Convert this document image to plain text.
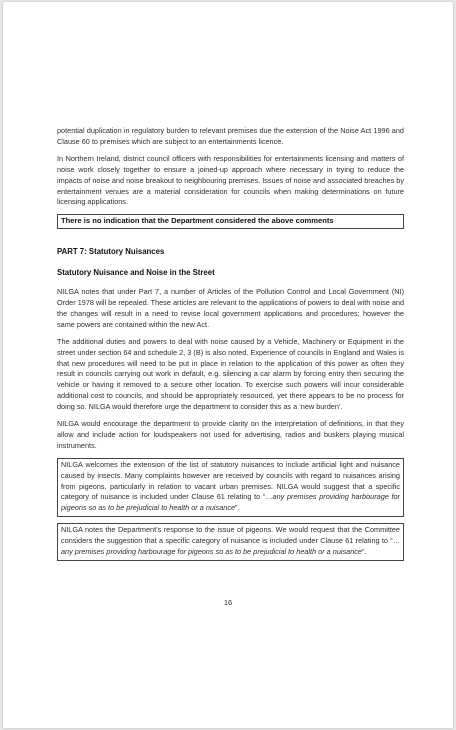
potential duplication in regulatory burden to relevant premises due the extension of the Noise Act 1996 and Clause 60 to premises which are subject to an entertainments licence.

In Northern Ireland, district council officers with responsibilities for entertainments licensing and matters of noise work closely together to ensure a joined-up approach where necessary in trying to reduce the impacts of noise and noise breakout to neighbouring premises. Issues of noise and associated breaches by entertainment venues are a material consideration for councils when making determinations on future licensing applications.

There is no indication that the Department considered the above comments
PART 7: Statutory Nuisances
Statutory Nuisance and Noise in the Street

NILGA notes that under Part 7, a number of Articles of the Pollution Control and Local Government (NI) Order 1978 will be repealed. These articles are relevant to the applications of powers to deal with noise and the changes will result in a need to revise local government applications and procedures; however the same powers are contained within the new Act.

The additional duties and powers to deal with noise caused by a Vehicle, Machinery or Equipment in the street under section 64 and schedule 2, 3 (B) is also noted. Experience of councils in England and Wales is that new procedures will need to be put in place in relation to the application of this power as often they result in councils carrying out work in default, e.g. silencing a car alarm by forcing entry then securing the vehicle or having it removed to a secure other location. To exercise such powers will incur considerable additional cost to councils, and should be appropriately resourced, yet there appears to be no process for doing so. NILGA would therefore urge the department to consider this as a ‘new burden’.

NILGA would encourage the department to provide clarity on the interpretation of definitions, in that they allow and include action for loudspeakers not used for advertising, radios and buskers playing musical instruments.

NILGA welcomes the extension of the list of statutory nuisances to include artificial light and nuisance caused by insects. Many complaints however are received by councils with regard to nuisances arising from pigeons, particularly in relation to vacant urban premises. NILGA would suggest that a specific category of nuisance is included under Clause 61 relating to “…any premises providing harbourage for pigeons so as to be prejudicial to health or a nuisance”.
NILGA notes the Department’s response to the issue of pigeons. We would request that the Committee considers the suggestion that a specific category of nuisance is included under Clause 61 relating to “…any premises providing harbourage for pigeons so as to be prejudicial to health or a nuisance”.
16
